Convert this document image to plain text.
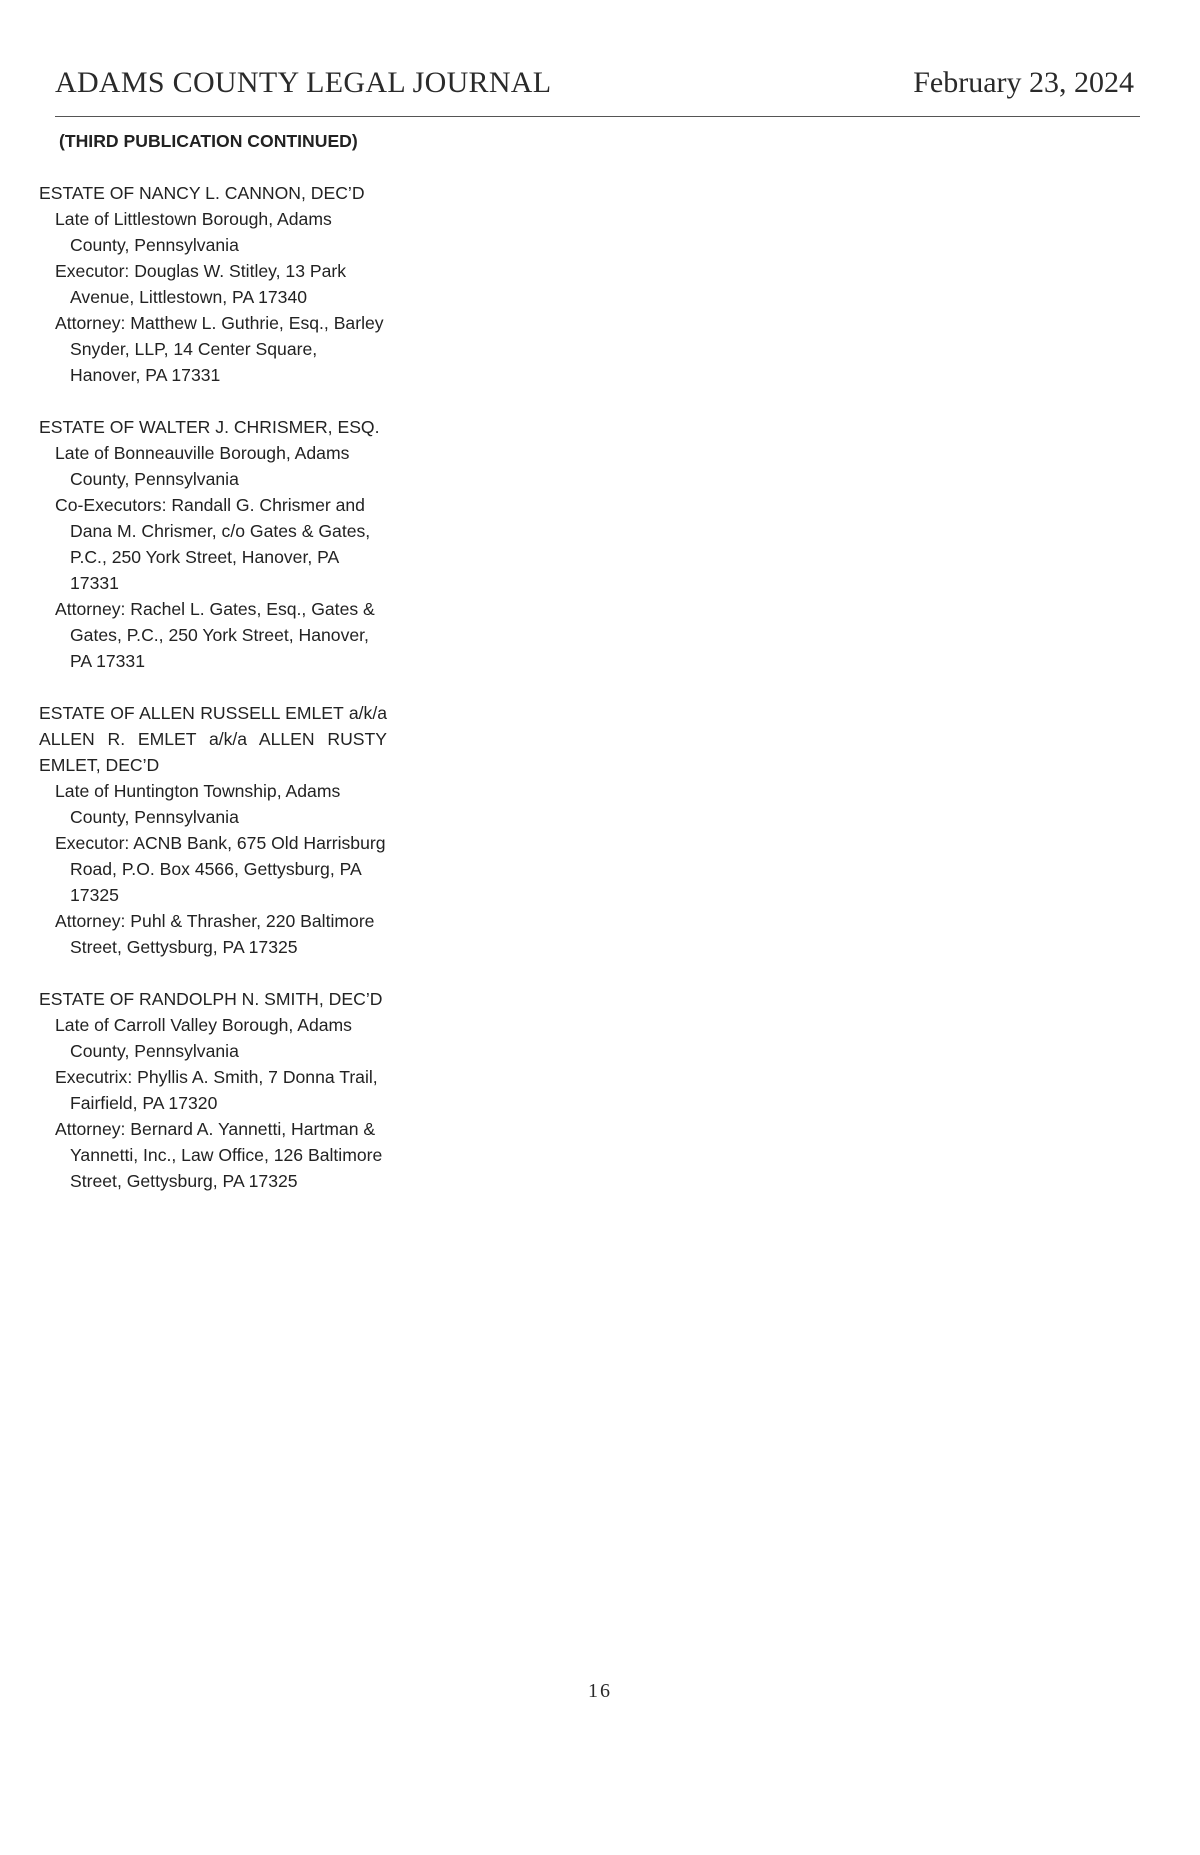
ADAMS COUNTY LEGAL JOURNAL	February 23, 2024
(THIRD PUBLICATION CONTINUED)
ESTATE OF NANCY L. CANNON, DEC’D
Late of Littlestown Borough, Adams County, Pennsylvania
Executor: Douglas W. Stitley, 13 Park Avenue, Littlestown, PA 17340
Attorney: Matthew L. Guthrie, Esq., Barley Snyder, LLP, 14 Center Square, Hanover, PA 17331
ESTATE OF WALTER J. CHRISMER, ESQ.
Late of Bonneauville Borough, Adams County, Pennsylvania
Co-Executors: Randall G. Chrismer and Dana M. Chrismer, c/o Gates & Gates, P.C., 250 York Street, Hanover, PA 17331
Attorney: Rachel L. Gates, Esq., Gates & Gates, P.C., 250 York Street, Hanover, PA 17331
ESTATE OF ALLEN RUSSELL EMLET a/k/a ALLEN R. EMLET a/k/a ALLEN RUSTY EMLET, DEC’D
Late of Huntington Township, Adams County, Pennsylvania
Executor: ACNB Bank, 675 Old Harrisburg Road, P.O. Box 4566, Gettysburg, PA 17325
Attorney: Puhl & Thrasher, 220 Baltimore Street, Gettysburg, PA 17325
ESTATE OF RANDOLPH N. SMITH, DEC’D
Late of Carroll Valley Borough, Adams County, Pennsylvania
Executrix: Phyllis A. Smith, 7 Donna Trail, Fairfield, PA 17320
Attorney: Bernard A. Yannetti, Hartman & Yannetti, Inc., Law Office, 126 Baltimore Street, Gettysburg, PA 17325
16
